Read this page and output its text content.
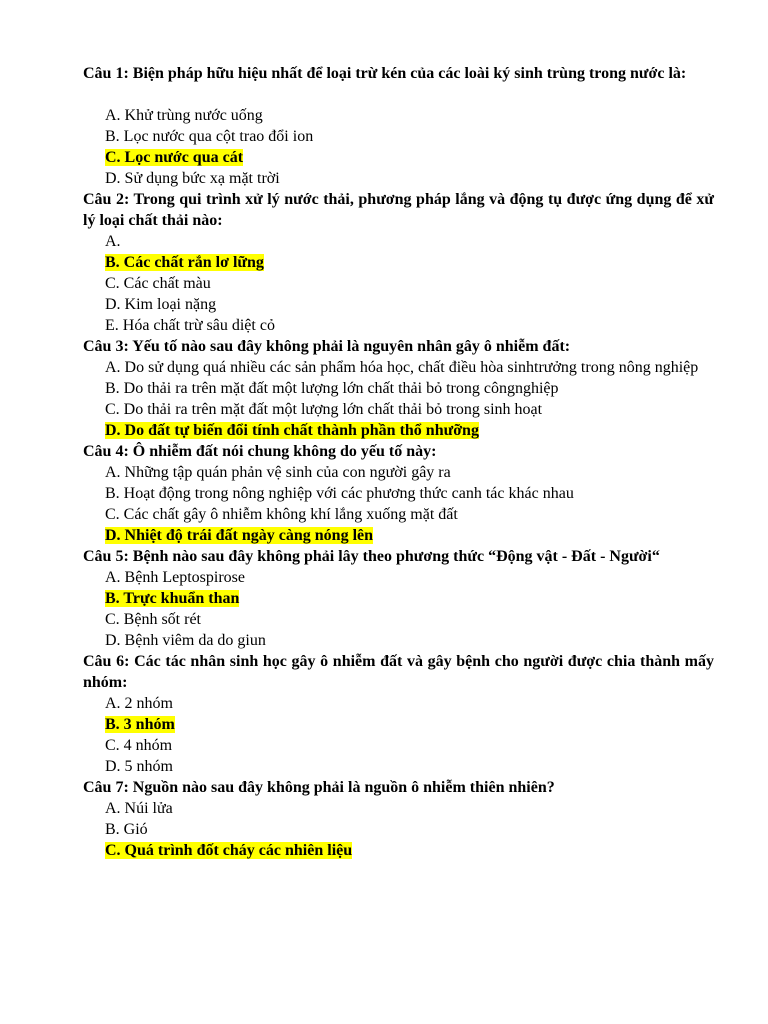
Câu 1: Biện pháp hữu hiệu nhất để loại trừ kén của các loài ký sinh trùng trong nước là:

A. Khử trùng nước uống

B. Lọc nước qua cột trao đổi ion

C. Lọc nước qua cát

D. Sử dụng bức xạ mặt trời

Câu 2: Trong qui trình xử lý nước thải, phương pháp lắng và động tụ được ứng dụng để xử lý loại chất thải nào:

A.

B. Các chất rắn lơ lững

C. Các chất màu

D. Kim loại nặng

E. Hóa chất trừ sâu diệt cỏ

Câu 3: Yếu tố nào sau đây không phải là nguyên nhân gây ô nhiễm đất:

A. Do sử dụng quá nhiều các sản phẩm hóa học, chất điều hòa sinhtrưởng trong nông nghiệp

B. Do thải ra trên mặt đất một lượng lớn chất thải bỏ trong côngnghiệp

C. Do thải ra trên mặt đất một lượng lớn chất thải bỏ trong sinh hoạt

D. Do đất tự biến đổi tính chất thành phần thổ nhưỡng

Câu 4: Ô nhiễm đất nói chung không do yếu tố này:

A. Những tập quán phản vệ sinh của con người gây ra

B. Hoạt động trong nông nghiệp với các phương thức canh tác khác nhau

C. Các chất gây ô nhiễm không khí lắng xuống mặt đất

D. Nhiệt độ trái đất ngày càng nóng lên

Câu 5: Bệnh nào sau đây không phải lây theo phương thức “Động vật - Đất - Người“

A. Bệnh Leptospirose

B. Trực khuẩn than

C. Bệnh sốt rét

D. Bệnh viêm da do giun

Câu 6: Các tác nhân sinh học gây ô nhiễm đất và gây bệnh cho người được chia thành mấy nhóm:

A. 2 nhóm

B. 3 nhóm

C. 4 nhóm

D. 5 nhóm

Câu 7: Nguồn nào sau đây không phải là nguồn ô nhiễm thiên nhiên?

A. Núi lửa

B. Gió

C. Quá trình đốt cháy các nhiên liệu
